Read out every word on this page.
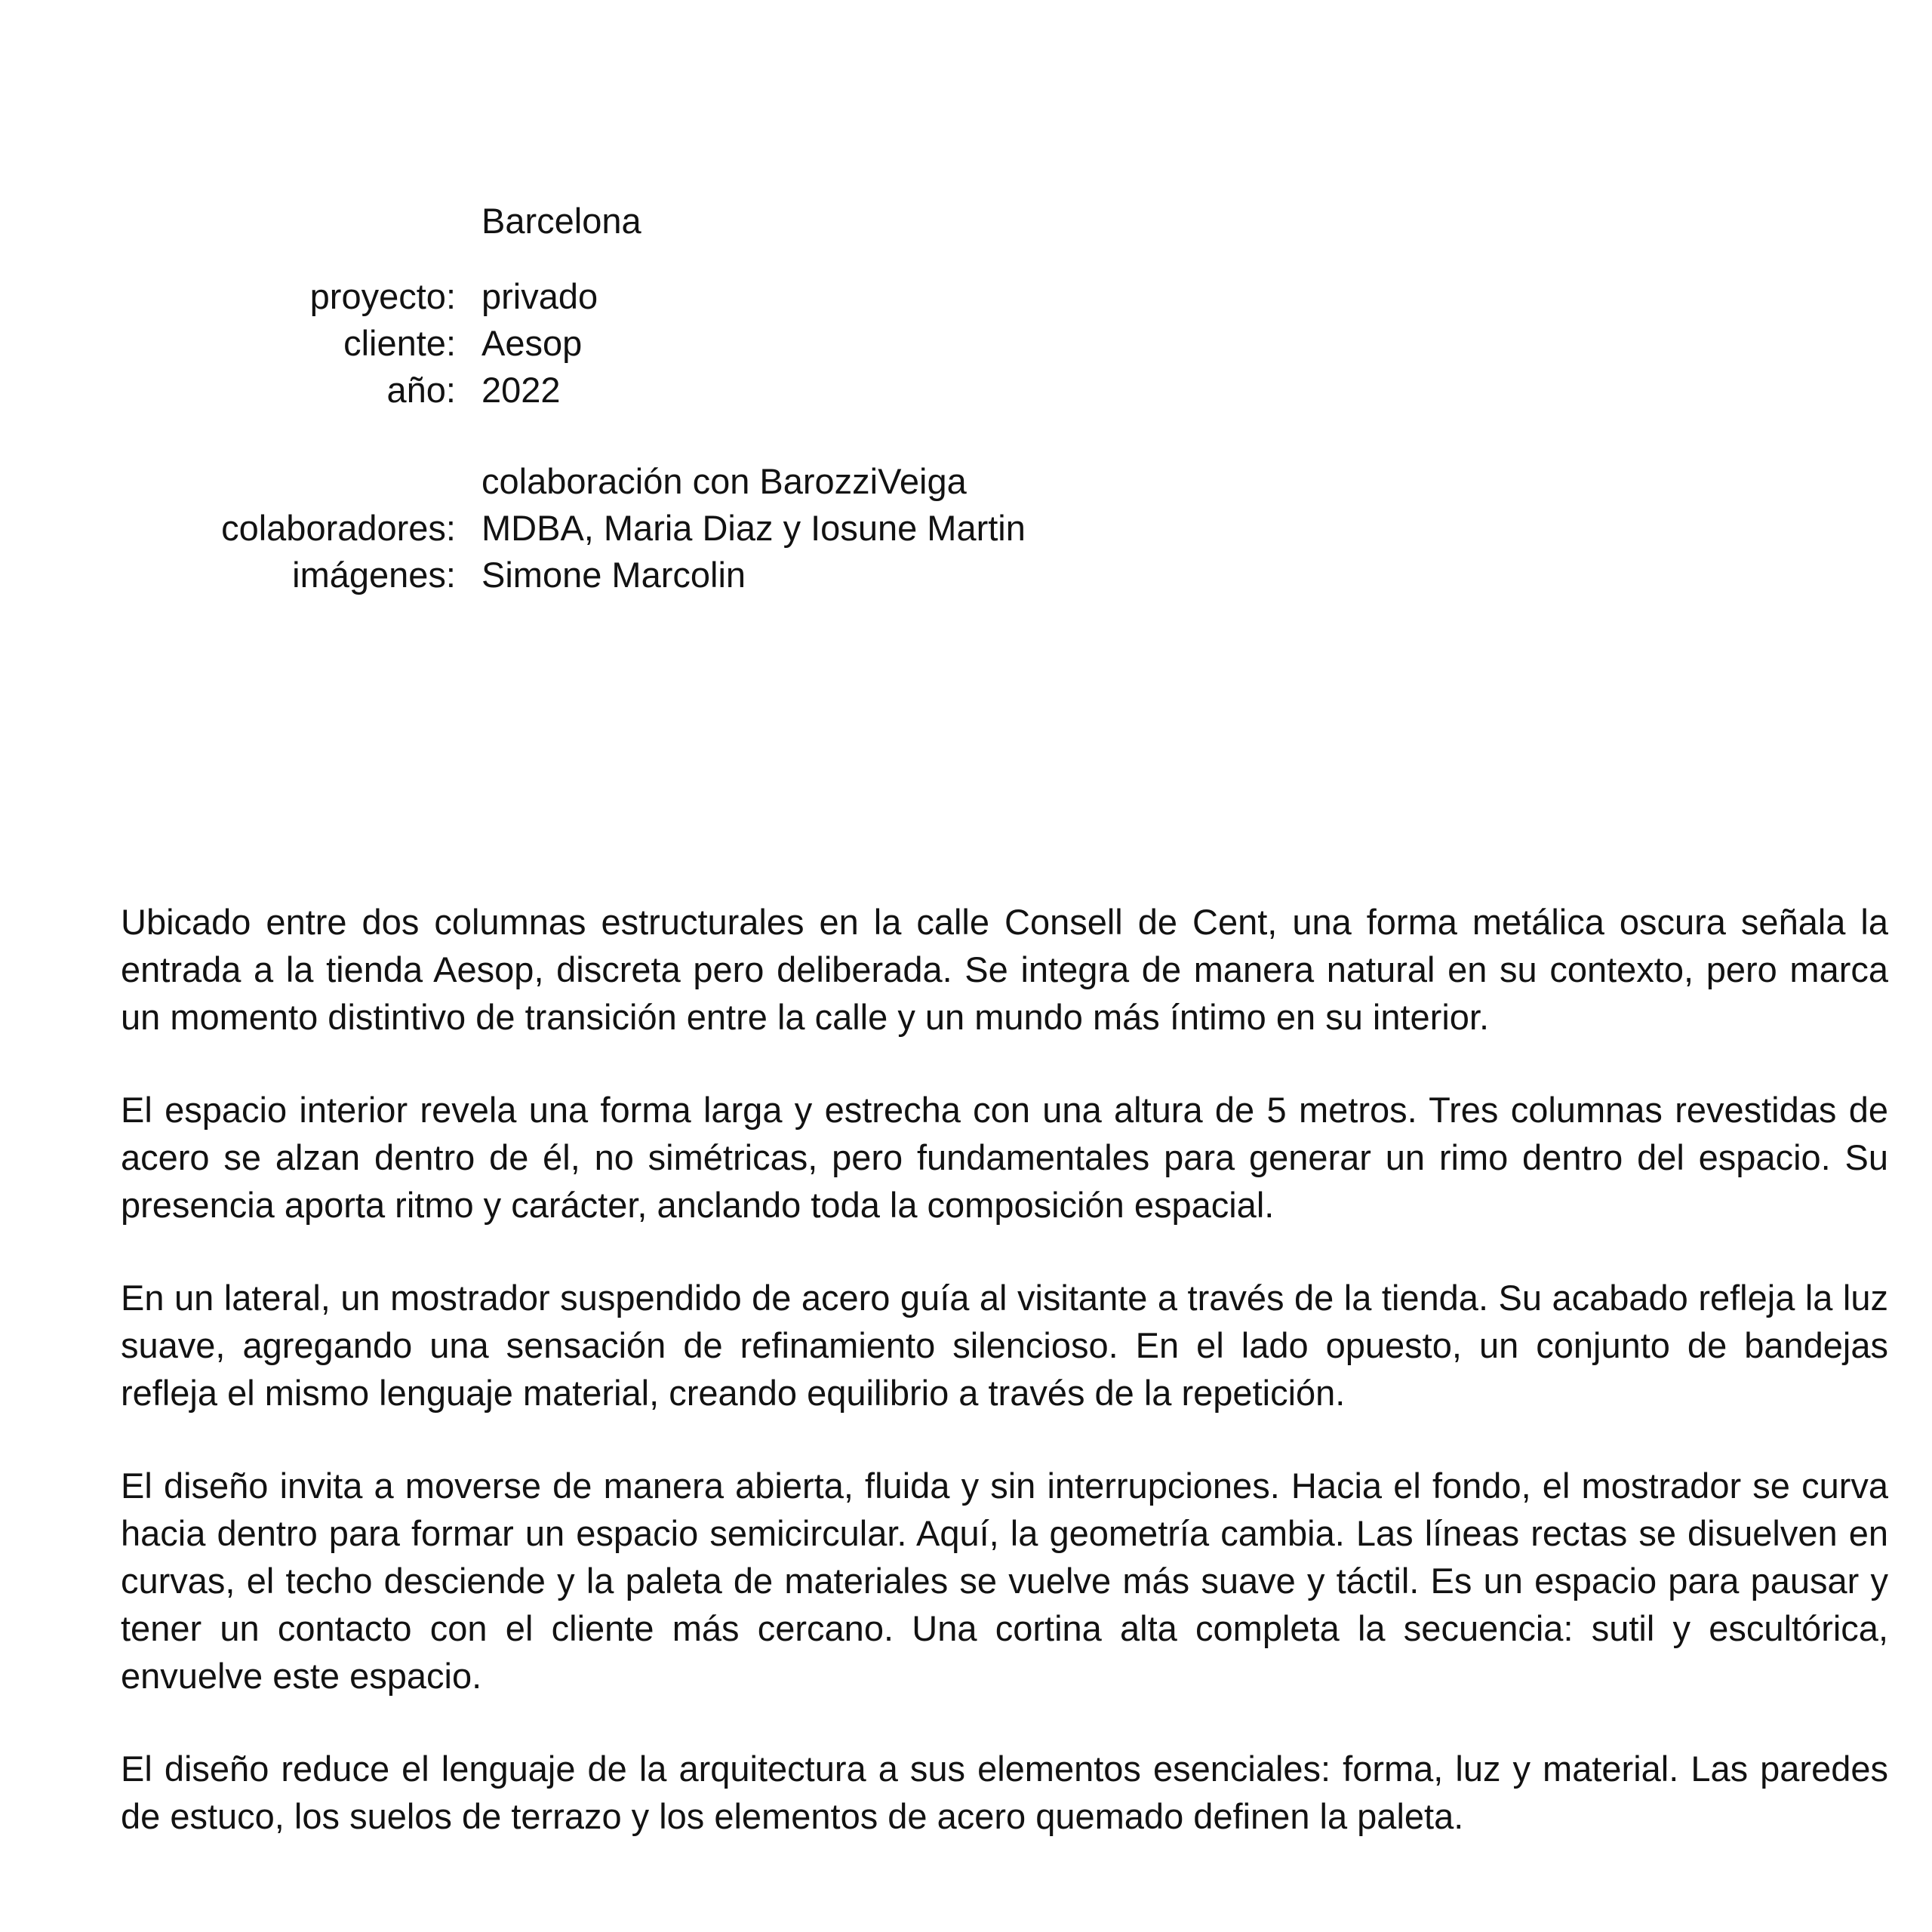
Barcelona
proyecto: privado
cliente: Aesop
año: 2022
colaboración con BarozziVeiga
colaboradores: MDBA, Maria Diaz y Iosune Martin
imágenes: Simone Marcolin

Ubicado entre dos columnas estructurales en la calle Consell de Cent, una forma metálica oscura señala la entrada a la tienda Aesop, discreta pero deliberada. Se integra de manera natural en su contexto, pero marca un momento distintivo de transición entre la calle y un mundo más íntimo en su interior.

El espacio interior revela una forma larga y estrecha con una altura de 5 metros. Tres columnas revestidas de acero se alzan dentro de él, no simétricas, pero fundamentales para generar un rimo dentro del espacio. Su presencia aporta ritmo y carácter, anclando toda la composición espacial.

En un lateral, un mostrador suspendido de acero guía al visitante a través de la tienda. Su acabado refleja la luz suave, agregando una sensación de refinamiento silencioso. En el lado opuesto, un conjunto de bandejas refleja el mismo lenguaje material, creando equilibrio a través de la repetición.

El diseño invita a moverse de manera abierta, fluida y sin interrupciones. Hacia el fondo, el mostrador se curva hacia dentro para formar un espacio semicircular. Aquí, la geometría cambia. Las líneas rectas se disuelven en curvas, el techo desciende y la paleta de materiales se vuelve más suave y táctil. Es un espacio para pausar y tener un contacto con el cliente más cercano. Una cortina alta completa la secuencia: sutil y escultórica, envuelve este espacio.

El diseño reduce el lenguaje de la arquitectura a sus elementos esenciales: forma, luz y material. Las paredes de estuco, los suelos de terrazo y los elementos de acero quemado definen la paleta.
